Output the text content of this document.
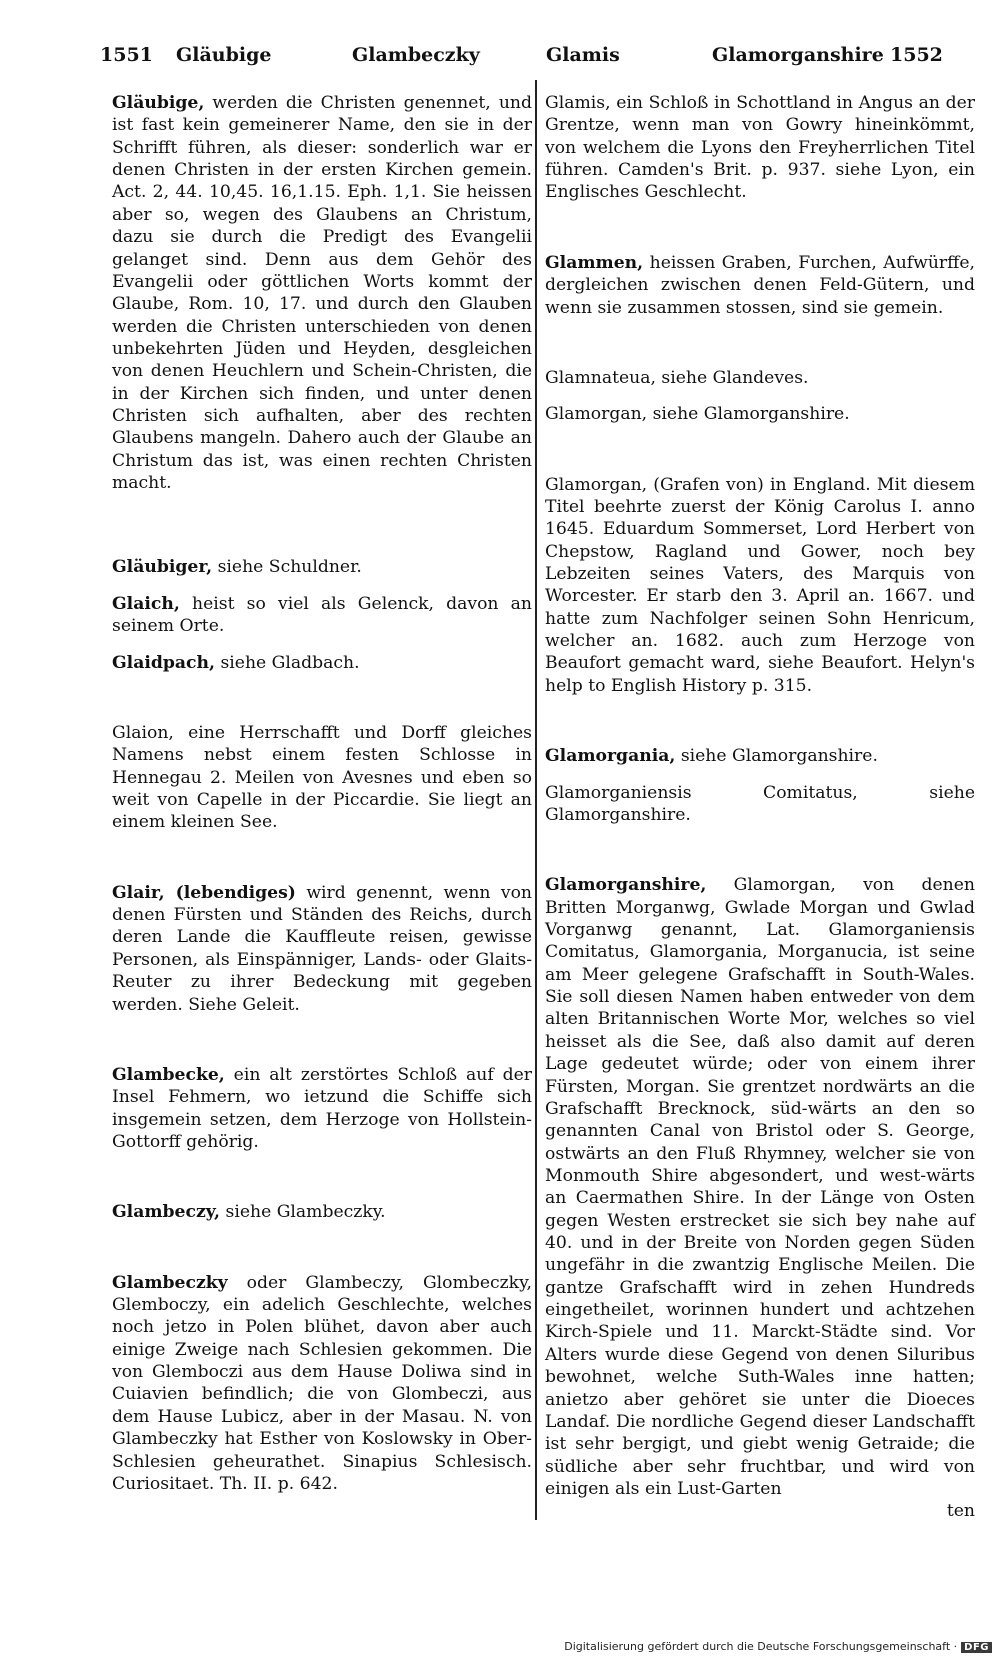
1551 Gläubige	Glambeczky	Glamis	Glamorganshire 1552
Gläubige, werden die Christen genennet, und ist fast kein gemeinerer Name, den sie in der Schrifft führen, als dieser: sonderlich war er denen Christen in der ersten Kirchen gemein. Act. 2, 44. 10,45. 16,1.15. Eph. 1,1. Sie heissen aber so, wegen des Glaubens an Christum, dazu sie durch die Predigt des Evangelii gelanget sind. Denn aus dem Gehör des Evangelii oder göttlichen Worts kommt der Glaube, Rom. 10, 17. und durch den Glauben werden die Christen unterschieden von denen unbekehrten Jüden und Heyden, desgleichen von denen Heuchlern und Schein-Christen, die in der Kirchen sich finden, und unter denen Christen sich aufhalten, aber des rechten Glaubens mangeln. Dahero auch der Glaube an Christum das ist, was einen rechten Christen macht.
Gläubiger, siehe Schuldner.
Glaich, heist so viel als Gelenck, davon an seinem Orte.
Glaidpach, siehe Gladbach.
Glaion, eine Herrschafft und Dorff gleiches Namens nebst einem festen Schlosse in Hennegau 2. Meilen von Avesnes und eben so weit von Capelle in der Piccardie. Sie liegt an einem kleinen See.
Glair, (lebendiges) wird genennt, wenn von denen Fürsten und Ständen des Reichs, durch deren Lande die Kauffleute reisen, gewisse Personen, als Einspänniger, Lands- oder Glaits-Reuter zu ihrer Bedeckung mit gegeben werden. Siehe Geleit.
Glambecke, ein alt zerstörtes Schloß auf der Insel Fehmern, wo ietzund die Schiffe sich insgemein setzen, dem Herzoge von Hollstein-Gottorff gehörig.
Glambeczy, siehe Glambeczky.
Glambeczky oder Glambeczy, Glombeczky, Glemboczy, ein adelich Geschlechte, welches noch jetzo in Polen blühet, davon aber auch einige Zweige nach Schlesien gekommen. Die von Glemboczi aus dem Hause Doliwa sind in Cuiavien befindlich; die von Glombeczi, aus dem Hause Lubicz, aber in der Masau. N. von Glambeczky hat Esther von Koslowsky in Ober-Schlesien geheurathet. Sinapius Schlesisch. Curiositaet. Th. II. p. 642.
Glamis, ein Schloß in Schottland in Angus an der Grentze, wenn man von Gowry hineinkömmt, von welchem die Lyons den Freyherrlichen Titel führen. Camden's Brit. p. 937. siehe Lyon, ein Englisches Geschlecht.
Glammen, heissen Graben, Furchen, Aufwürffe, dergleichen zwischen denen Feld-Gütern, und wenn sie zusammen stossen, sind sie gemein.
Glamnateua, siehe Glandeves.
Glamorgan, siehe Glamorganshire.
Glamorgan, (Grafen von) in England. Mit diesem Titel beehrte zuerst der König Carolus I. anno 1645. Eduardum Sommerset, Lord Herbert von Chepstow, Ragland und Gower, noch bey Lebzeiten seines Vaters, des Marquis von Worcester. Er starb den 3. April an. 1667. und hatte zum Nachfolger seinen Sohn Henricum, welcher an. 1682. auch zum Herzoge von Beaufort gemacht ward, siehe Beaufort. Helyn's help to English History p. 315.
Glamorgania, siehe Glamorganshire.
Glamorganiensis Comitatus, siehe Glamorganshire.
Glamorganshire, Glamorgan, von denen Britten Morganwg, Gwlade Morgan und Gwlad Vorganwg genannt, Lat. Glamorganiensis Comitatus, Glamorgania, Morganucia, ist seine am Meer gelegene Grafschafft in South-Wales. Sie soll diesen Namen haben entweder von dem alten Britannischen Worte Mor, welches so viel heisset als die See, daß also damit auf deren Lage gedeutet würde; oder von einem ihrer Fürsten, Morgan. Sie grentzet nordwärts an die Grafschafft Brecknock, süd-wärts an den so genannten Canal von Bristol oder S. George, ostwärts an den Fluß Rhymney, welcher sie von Monmouth Shire abgesondert, und west-wärts an Caermathen Shire. In der Länge von Osten gegen Westen erstrecket sie sich bey nahe auf 40. und in der Breite von Norden gegen Süden ungefähr in die zwantzig Englische Meilen. Die gantze Grafschafft wird in zehen Hundreds eingetheilet, worinnen hundert und achtzehen Kirch-Spiele und 11. Marckt-Städte sind. Vor Alters wurde diese Gegend von denen Siluribus bewohnet, welche Suth-Wales inne hatten; anietzo aber gehöret sie unter die Dioeces Landaf. Die nordliche Gegend dieser Landschafft ist sehr bergigt, und giebt wenig Getraide; die südliche aber sehr fruchtbar, und wird von einigen als ein Lust-Garten
ten
Digitalisierung gefördert durch die Deutsche Forschungsgemeinschaft · DFG
